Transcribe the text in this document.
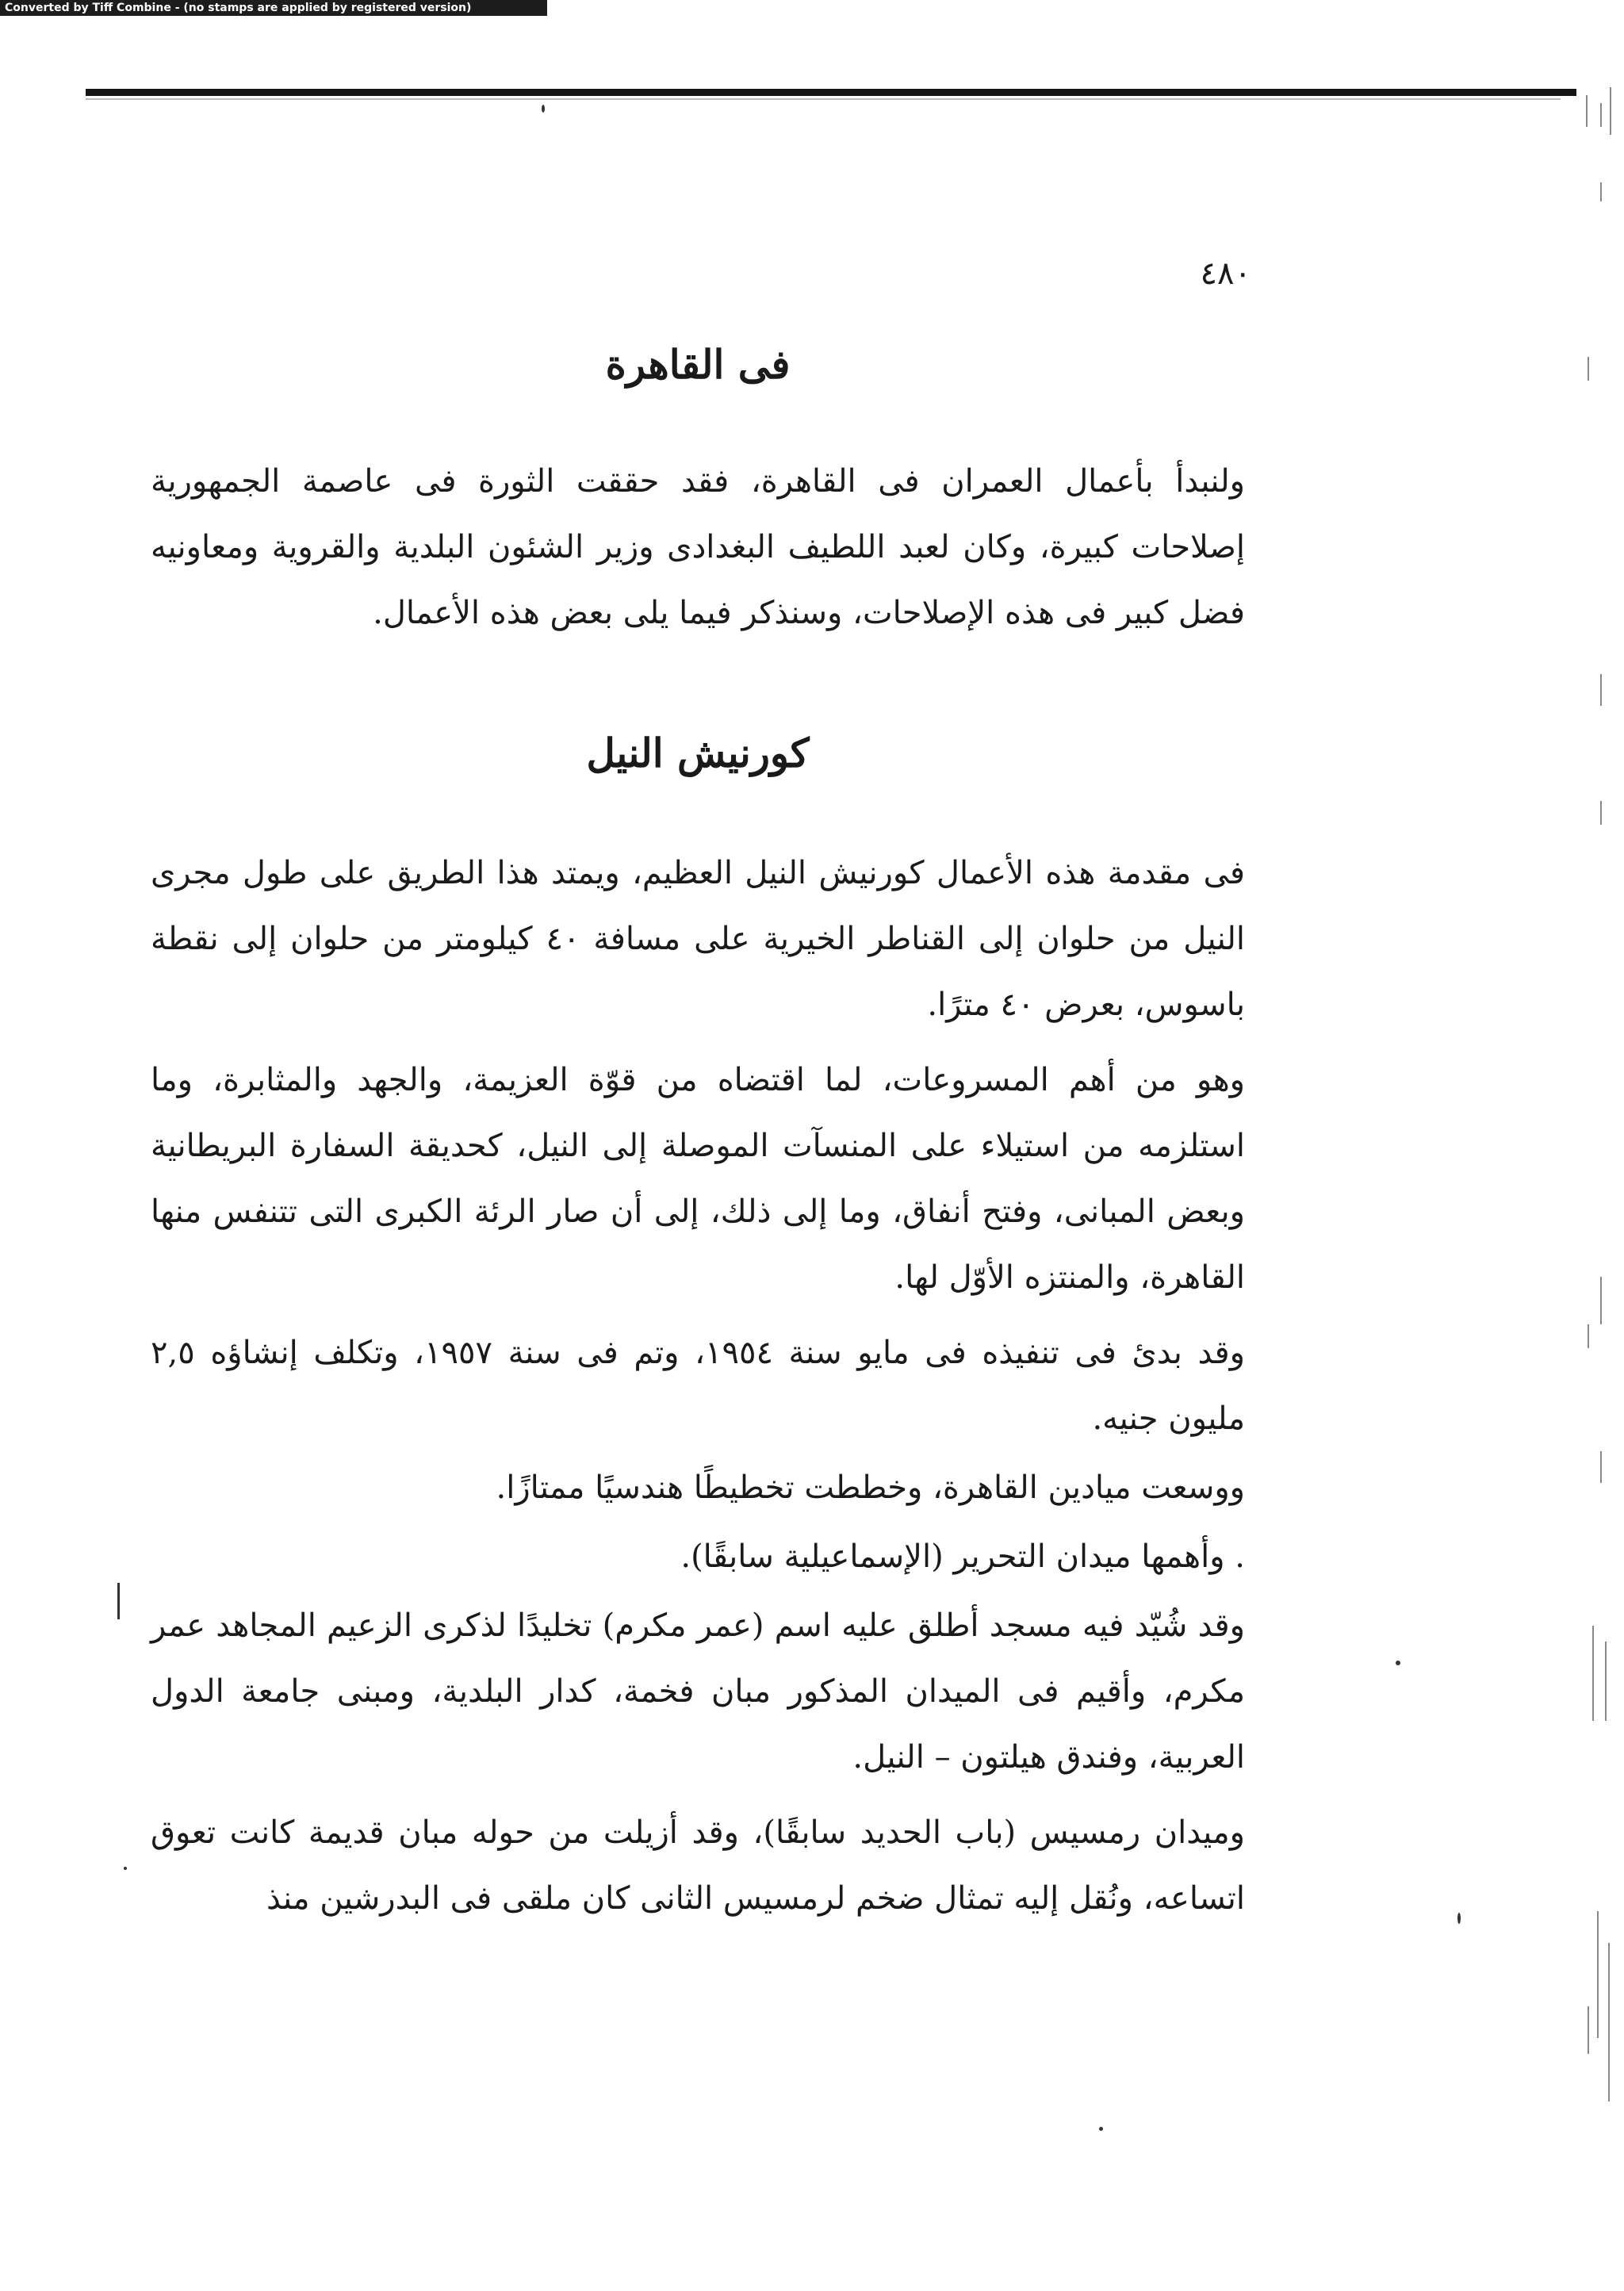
Converted by Tiff Combine - (no stamps are applied by registered version)
٤٨٠
فى القاهرة

ولنبدأ بأعمال العمران فى القاهرة، فقد حققت الثورة فى عاصمة الجمهورية إصلاحات كبيرة، وكان لعبد اللطيف البغدادى وزير الشئون البلدية والقروية ومعاونيه فضل كبير فى هذه الإصلاحات، وسنذكر فيما يلى بعض هذه الأعمال.

كورنيش النيل

فى مقدمة هذه الأعمال كورنيش النيل العظيم، ويمتد هذا الطريق على طول مجرى النيل من حلوان إلى القناطر الخيرية على مسافة ٤٠ كيلومتر من حلوان إلى نقطة باسوس، بعرض ٤٠ مترًا.

وهو من أهم المسروعات، لما اقتضاه من قوّة العزيمة، والجهد والمثابرة، وما استلزمه من استيلاء على المنسآت الموصلة إلى النيل، كحديقة السفارة البريطانية وبعض المبانى، وفتح أنفاق، وما إلى ذلك، إلى أن صار الرئة الكبرى التى تتنفس منها القاهرة، والمنتزه الأوّل لها.

وقد بدئ فى تنفيذه فى مايو سنة ١٩٥٤، وتم فى سنة ١٩٥٧، وتكلف إنشاؤه ٢,٥ مليون جنيه.

ووسعت ميادين القاهرة، وخططت تخطيطًا هندسيًا ممتازًا.

. وأهمها ميدان التحرير (الإسماعيلية سابقًا).

وقد شُيّد فيه مسجد أطلق عليه اسم (عمر مكرم) تخليدًا لذكرى الزعيم المجاهد عمر مكرم، وأقيم فى الميدان المذكور مبان فخمة، كدار البلدية، ومبنى جامعة الدول العربية، وفندق هيلتون – النيل.

وميدان رمسيس (باب الحديد سابقًا)، وقد أزيلت من حوله مبان قديمة كانت تعوق اتساعه، ونُقل إليه تمثال ضخم لرمسيس الثانى كان ملقى فى البدرشين منذ
